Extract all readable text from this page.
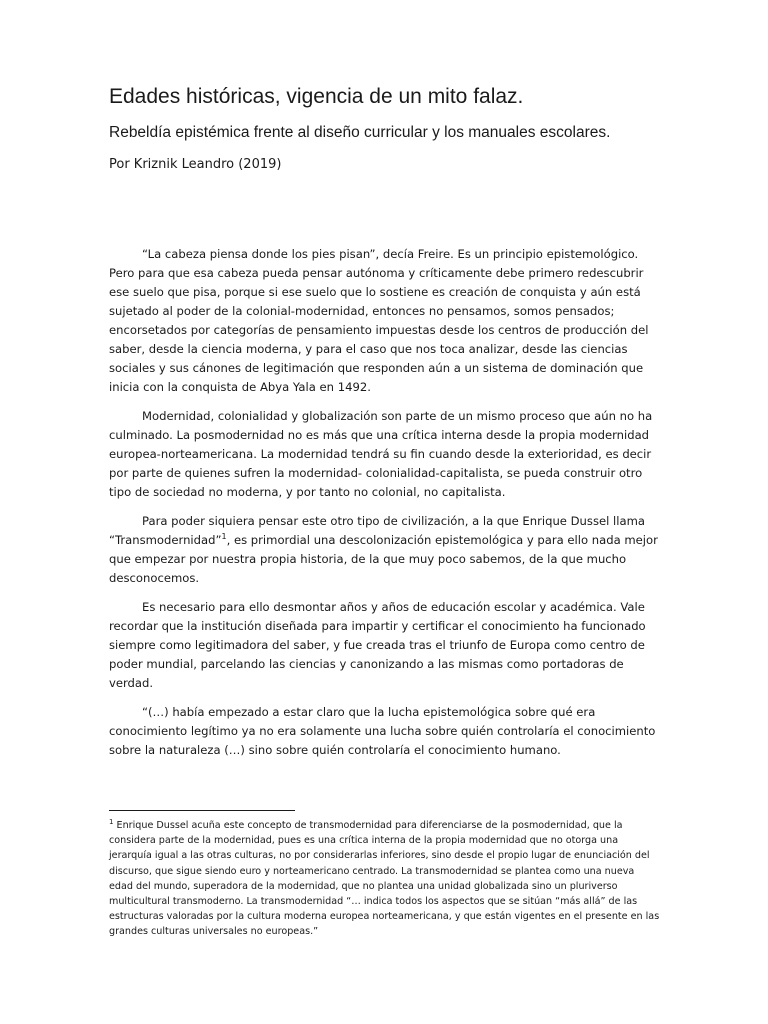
Edades históricas, vigencia de un mito falaz.
Rebeldía epistémica frente al diseño curricular y los manuales escolares.
Por Kriznik Leandro (2019)

“La cabeza piensa donde los pies pisan”, decía Freire. Es un principio epistemológico. Pero para que esa cabeza pueda pensar autónoma y críticamente debe primero redescubrir ese suelo que pisa, porque si ese suelo que lo sostiene es creación de conquista y aún está sujetado al poder de la colonial-modernidad, entonces no pensamos, somos pensados; encorsetados por categorías de pensamiento impuestas desde los centros de producción del saber, desde la ciencia moderna, y para el caso que nos toca analizar, desde las ciencias sociales y sus cánones de legitimación que responden aún a un sistema de dominación que inicia con la conquista de Abya Yala en 1492.

Modernidad, colonialidad y globalización son parte de un mismo proceso que aún no ha culminado. La posmodernidad no es más que una crítica interna desde la propia modernidad europea-norteamericana. La modernidad tendrá su fin cuando desde la exterioridad, es decir por parte de quienes sufren la modernidad- colonialidad-capitalista, se pueda construir otro tipo de sociedad no moderna, y por tanto no colonial, no capitalista.

Para poder siquiera pensar este otro tipo de civilización, a la que Enrique Dussel llama “Transmodernidad”$^1$, es primordial una descolonización epistemológica y para ello nada mejor que empezar por nuestra propia historia, de la que muy poco sabemos, de la que mucho desconocemos.

Es necesario para ello desmontar años y años de educación escolar y académica. Vale recordar que la institución diseñada para impartir y certificar el conocimiento ha funcionado siempre como legitimadora del saber, y fue creada tras el triunfo de Europa como centro de poder mundial, parcelando las ciencias y canonizando a las mismas como portadoras de verdad.

“(…) había empezado a estar claro que la lucha epistemológica sobre qué era conocimiento legítimo ya no era solamente una lucha sobre quién controlaría el conocimiento sobre la naturaleza (…) sino sobre quién controlaría el conocimiento humano.

$^1$ Enrique Dussel acuña este concepto de transmodernidad para diferenciarse de la posmodernidad, que la considera parte de la modernidad, pues es una crítica interna de la propia modernidad que no otorga una jerarquía igual a las otras culturas, no por considerarlas inferiores, sino desde el propio lugar de enunciación del discurso, que sigue siendo euro y norteamericano centrado. La transmodernidad se plantea como una nueva edad del mundo, superadora de la modernidad, que no plantea una unidad globalizada sino un pluriverso multicultural transmoderno. La transmodernidad “… indica todos los aspectos que se sitúan “más allá” de las estructuras valoradas por la cultura moderna europea norteamericana, y que están vigentes en el presente en las grandes culturas universales no europeas.”
